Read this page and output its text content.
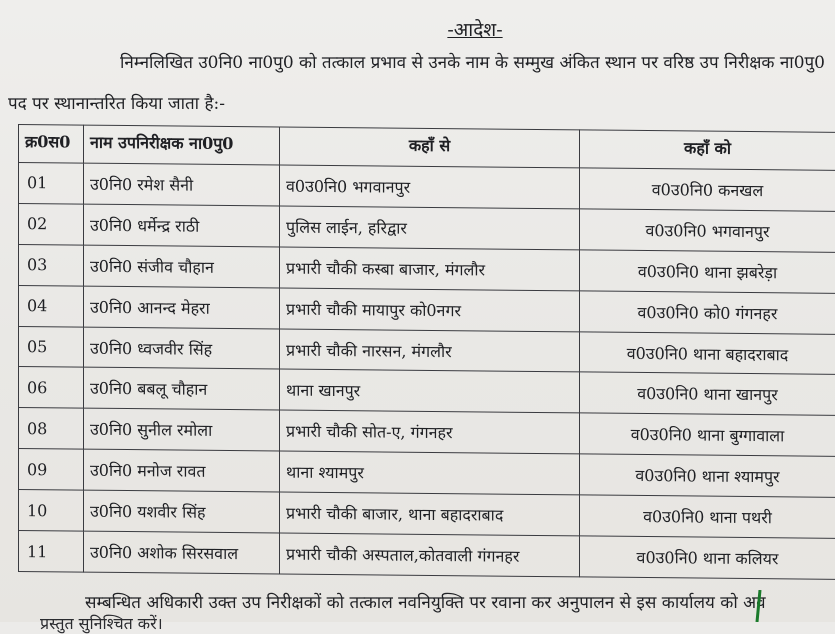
-आदेश-
निम्नलिखित उ0नि0 ना0पु0 को तत्काल प्रभाव से उनके नाम के सम्मुख अंकित स्थान पर वरिष्ठ उप निरीक्षक ना0पु0
पद पर स्थानान्तरित किया जाता है:-
क्र0स0	नाम उपनिरीक्षक ना0पु0	कहाँ से	कहाँ को
01	उ0नि0 रमेश सैनी	व0उ0नि0 भगवानपुर	व0उ0नि0 कनखल
02	उ0नि0 धर्मेन्द्र राठी	पुलिस लाईन, हरिद्वार	व0उ0नि0 भगवानपुर
03	उ0नि0 संजीव चौहान	प्रभारी चौकी कस्बा बाजार, मंगलौर	व0उ0नि0 थाना झबरेड़ा
04	उ0नि0 आनन्द मेहरा	प्रभारी चौकी मायापुर को0नगर	व0उ0नि0 को0 गंगनहर
05	उ0नि0 ध्वजवीर सिंह	प्रभारी चौकी नारसन, मंगलौर	व0उ0नि0 थाना बहादराबाद
06	उ0नि0 बबलू चौहान	थाना खानपुर	व0उ0नि0 थाना खानपुर
08	उ0नि0 सुनील रमोला	प्रभारी चौकी सोत-ए, गंगनहर	व0उ0नि0 थाना बुग्गावाला
09	उ0नि0 मनोज रावत	थाना श्यामपुर	व0उ0नि0 थाना श्यामपुर
10	उ0नि0 यशवीर सिंह	प्रभारी चौकी बाजार, थाना बहादराबाद	व0उ0नि0 थाना पथरी
11	उ0नि0 अशोक सिरसवाल	प्रभारी चौकी अस्पताल,कोतवाली गंगनहर	व0उ0नि0 थाना कलियर
सम्बन्धित अधिकारी उक्त उप निरीक्षकों को तत्काल नवनियुक्ति पर रवाना कर अनुपालन से इस कार्यालय को अव
प्रस्तुत सुनिश्चित करें।
